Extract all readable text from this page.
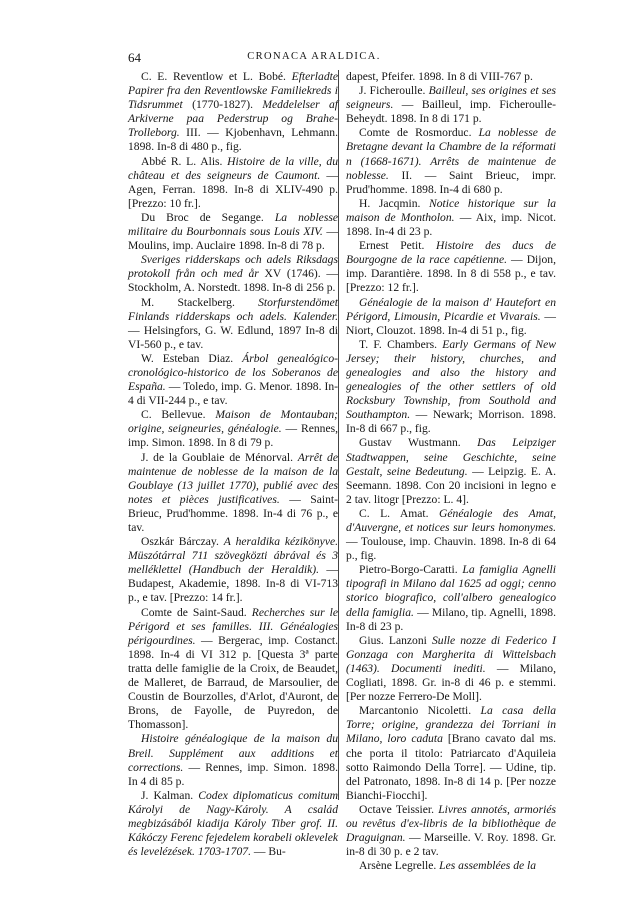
64	CRONACA ARALDICA.

C. E. Reventlow et L. Bobé. Efterladte Papirer fra den Reventlowske Familiekreds i Tidsrummet (1770-1827). Meddelelser af Arkiverne paa Pederstrup og Brahe-Trolleborg. III. — Kjobenhavn, Lehmann. 1898. In-8 di 480 p., fig.

Abbé R. L. Alis. Histoire de la ville, du château et des seigneurs de Caumont. — Agen, Ferran. 1898. In-8 di XLIV-490 p. [Prezzo: 10 fr.].

Du Broc de Segange. La noblesse militaire du Bourbonnais sous Louis XIV. — Moulins, imp. Auclaire 1898. In-8 di 78 p.

Sveriges ridderskaps och adels Riksdags protokoll från och med år XV (1746). — Stockholm, A. Norstedt. 1898. In-8 di 256 p.

M. Stackelberg. Storfurstendömet Finlands ridderskaps och adels. Kalender. — Helsingfors, G. W. Edlund, 1897 In-8 di VI-560 p., e tav.

W. Esteban Diaz. Árbol genealógico-cronológico-historico de los Soberanos de España. — Toledo, imp. G. Menor. 1898. In-4 di VII-244 p., e tav.

C. Bellevue. Maison de Montauban; origine, seigneuries, généalogie. — Rennes, imp. Simon. 1898. In 8 di 79 p.

J. de la Goublaie de Ménorval. Arrêt de maintenue de noblesse de la maison de la Goublaye (13 juillet 1770), publié avec des notes et pièces justificatives. — Saint-Brieuc, Prud'homme. 1898. In-4 di 76 p., e tav.

Oszkár Bárczay. A heraldika kézikönyve. Müszótárral 711 szövegközti ábrával és 3 melléklettel (Handbuch der Heraldik). — Budapest, Akademie, 1898. In-8 di VI-713 p., e tav. [Prezzo: 14 fr.].

Comte de Saint-Saud. Recherches sur le Périgord et ses familles. III. Généalogies périgourdines. — Bergerac, imp. Costanct. 1898. In-4 di VI 312 p. [Questa 3ª parte tratta delle famiglie de la Croix, de Beaudet, de Malleret, de Barraud, de Marsoulier, de Coustin de Bourzolles, d'Arlot, d'Auront, de Brons, de Fayolle, de Puyredon, de Thomasson].

Histoire généalogique de la maison du Breil. Supplément aux additions et corrections. — Rennes, imp. Simon. 1898. In 4 di 85 p.

J. Kalman. Codex diplomaticus comitum Károlyi de Nagy-Károly. A család megbizásából kiadija Károly Tiber grof. II. Kákóczy Ferenc fejedelem korabeli oklevelek és levelézések. 1703-1707. — Bu-

dapest, Pfeifer. 1898. In 8 di VIII-767 p.

J. Ficheroulle. Bailleul, ses origines et ses seigneurs. — Bailleul, imp. Ficheroulle-Beheydt. 1898. In 8 di 171 p.

Comte de Rosmorduc. La noblesse de Bretagne devant la Chambre de la réformati n (1668-1671). Arrêts de maintenue de noblesse. II. — Saint Brieuc, impr. Prud'homme. 1898. In-4 di 680 p.

H. Jacqmin. Notice historique sur la maison de Montholon. — Aix, imp. Nicot. 1898. In-4 di 23 p.

Ernest Petit. Histoire des ducs de Bourgogne de la race capétienne. — Dijon, imp. Darantière. 1898. In 8 di 558 p., e tav. [Prezzo: 12 fr.].

Généalogie de la maison d' Hautefort en Périgord, Limousin, Picardie et Vivarais. — Niort, Clouzot. 1898. In-4 di 51 p., fig.

T. F. Chambers. Early Germans of New Jersey; their history, churches, and genealogies and also the history and genealogies of the other settlers of old Rocksbury Township, from Southold and Southampton. — Newark; Morrison. 1898. In-8 di 667 p., fig.

Gustav Wustmann. Das Leipziger Stadtwappen, seine Geschichte, seine Gestalt, seine Bedeutung. — Leipzig. E. A. Seemann. 1898. Con 20 incisioni in legno e 2 tav. litogr [Prezzo: L. 4].

C. L. Amat. Généalogie des Amat, d'Auvergne, et notices sur leurs homonymes. — Toulouse, imp. Chauvin. 1898. In-8 di 64 p., fig.

Pietro-Borgo-Caratti. La famiglia Agnelli tipografi in Milano dal 1625 ad oggi; cenno storico biografico, coll'albero genealogico della famiglia. — Milano, tip. Agnelli, 1898. In-8 di 23 p.

Gius. Lanzoni Sulle nozze di Federico I Gonzaga con Margherita di Wittelsbach (1463). Documenti inediti. — Milano, Cogliati, 1898. Gr. in-8 di 46 p. e stemmi. [Per nozze Ferrero-De Moll].

Marcantonio Nicoletti. La casa della Torre; origine, grandezza dei Torriani in Milano, loro caduta [Brano cavato dal ms. che porta il titolo: Patriarcato d'Aquileia sotto Raimondo Della Torre]. — Udine, tip. del Patronato, 1898. In-8 di 14 p. [Per nozze Bianchi-Fiocchi].

Octave Teissier. Livres annotés, armoriés ou revêtus d'ex-libris de la bibliothèque de Draguignan. — Marseille. V. Roy. 1898. Gr. in-8 di 30 p. e 2 tav.

Arsène Legrelle. Les assemblées de la
